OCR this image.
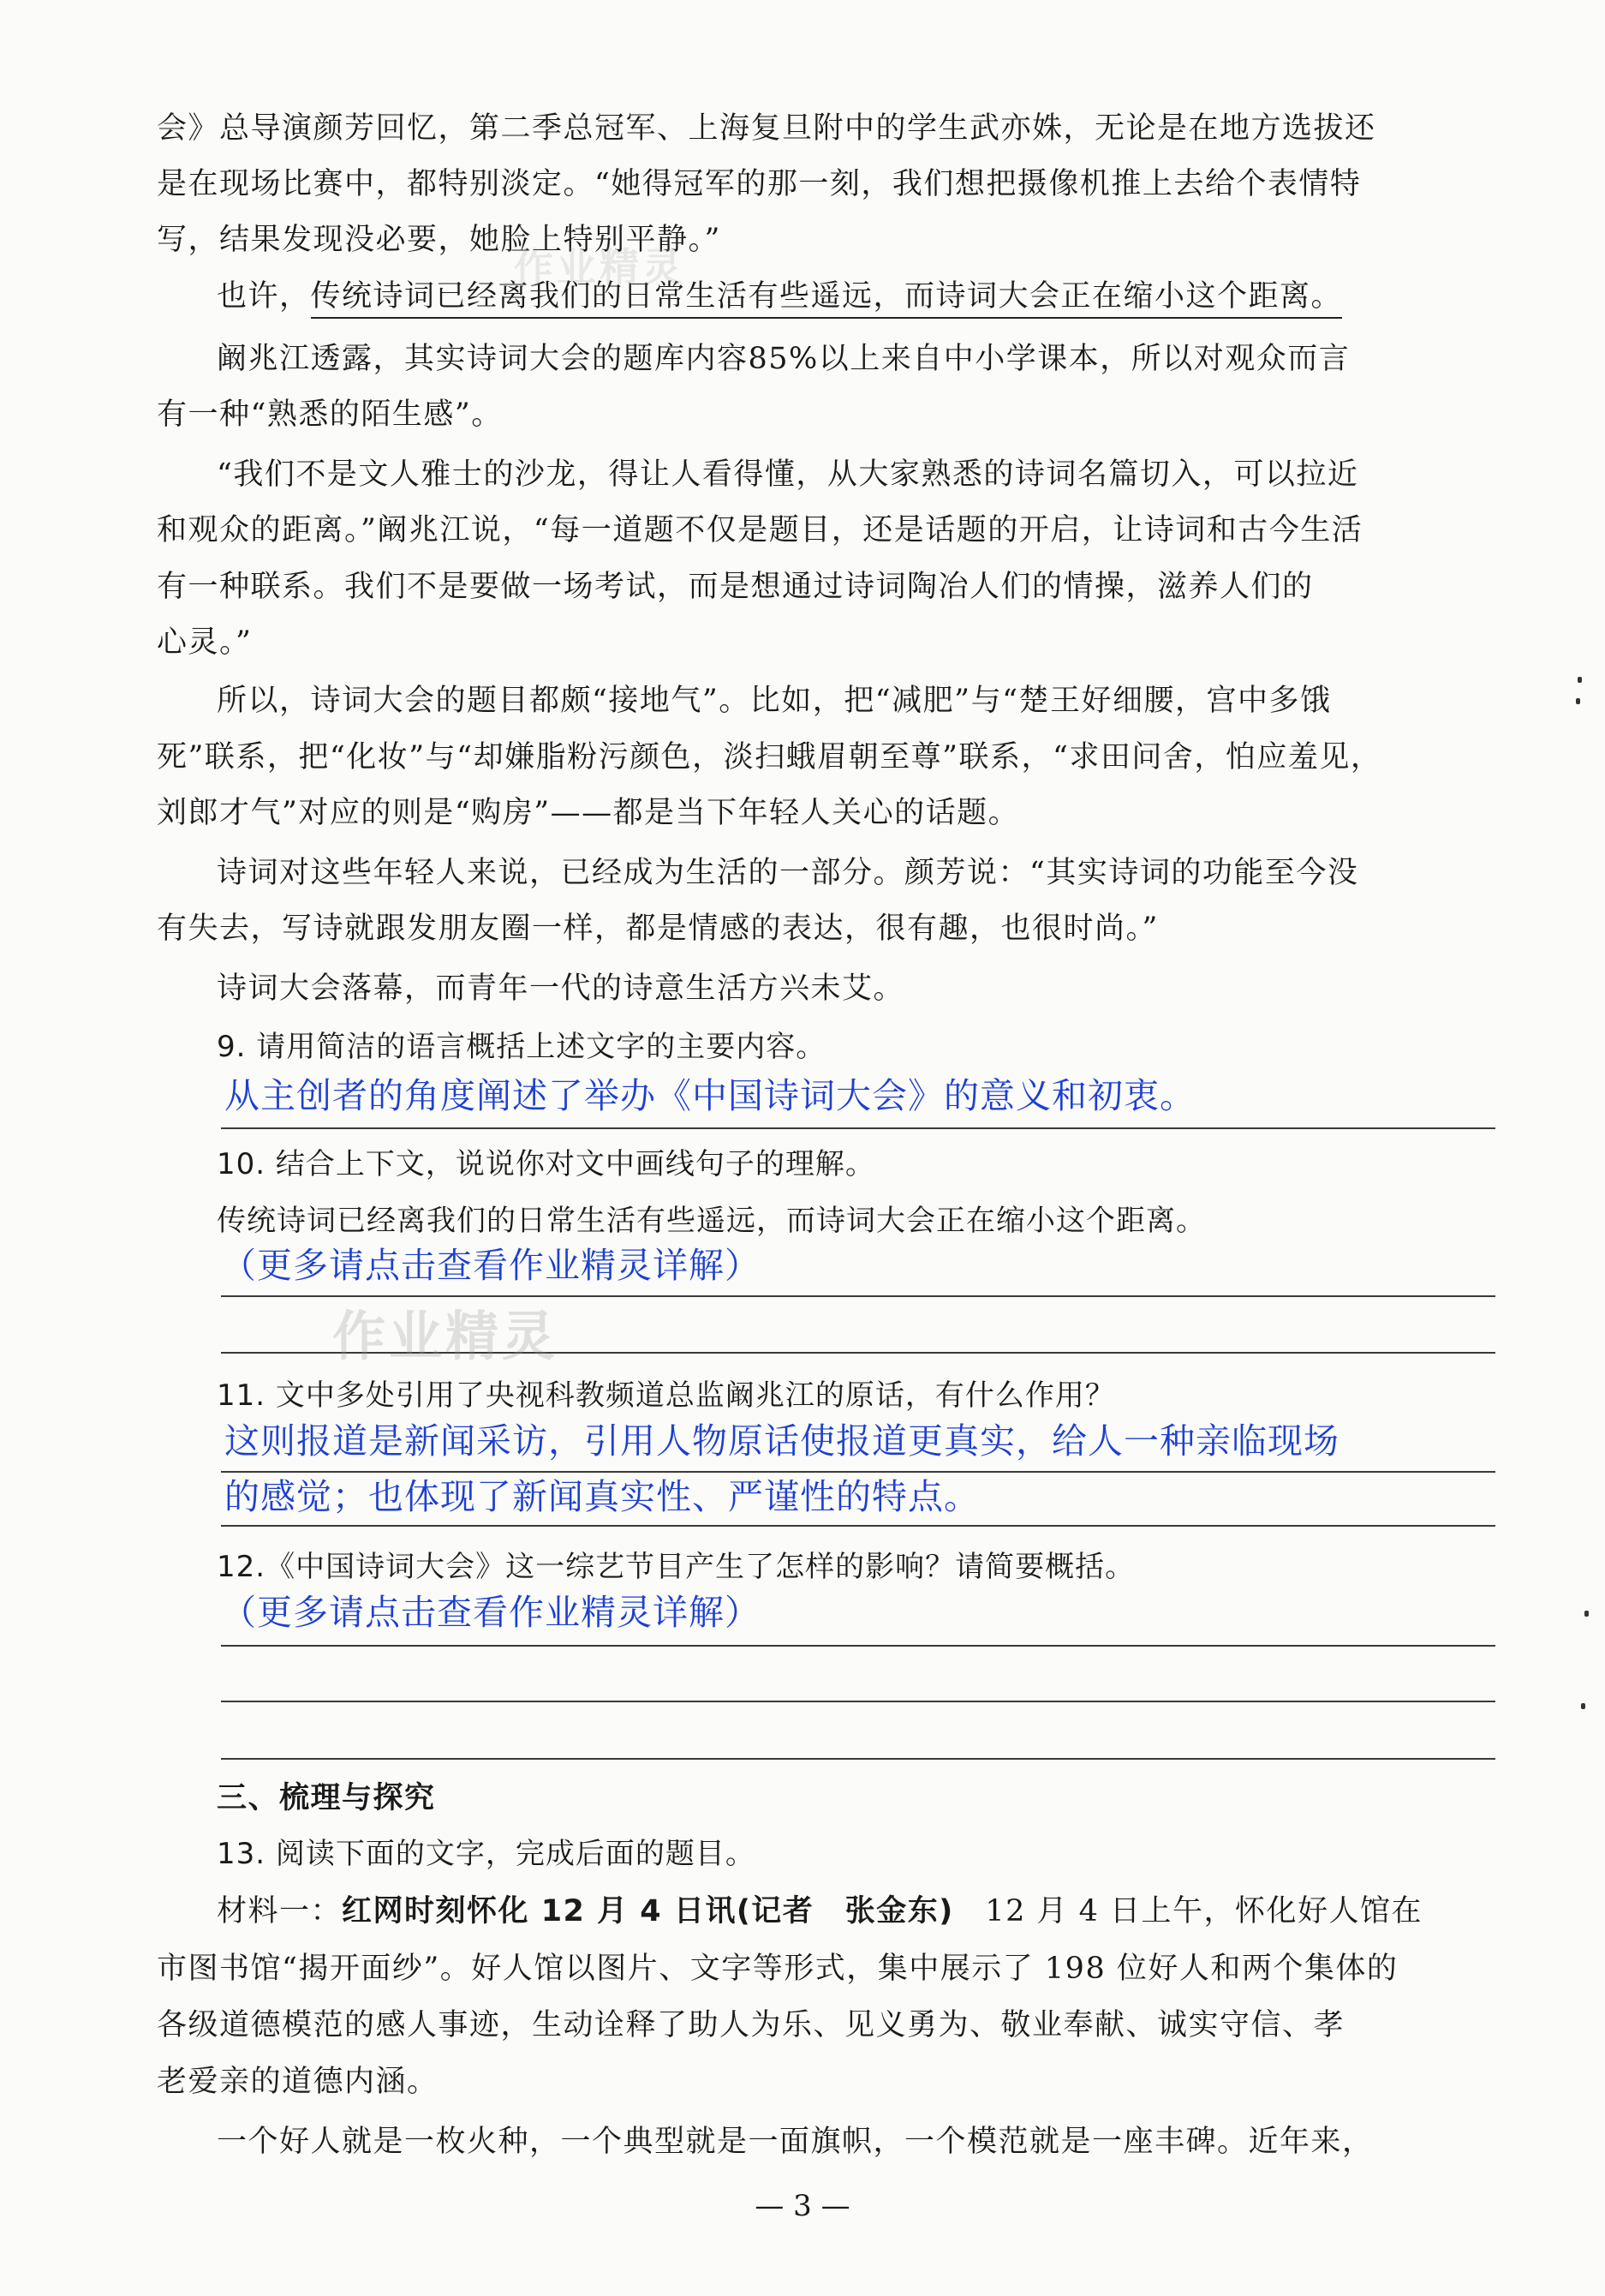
会》总导演颜芳回忆，第二季总冠军、上海复旦附中的学生武亦姝，无论是在地方选拔还
是在现场比赛中，都特别淡定。“她得冠军的那一刻，我们想把摄像机推上去给个表情特
写，结果发现没必要，她脸上特别平静。”
也许，传统诗词已经离我们的日常生活有些遥远，而诗词大会正在缩小这个距离。
阚兆江透露，其实诗词大会的题库内容85%以上来自中小学课本，所以对观众而言
有一种“熟悉的陌生感”。
“我们不是文人雅士的沙龙，得让人看得懂，从大家熟悉的诗词名篇切入，可以拉近
和观众的距离。”阚兆江说，“每一道题不仅是题目，还是话题的开启，让诗词和古今生活
有一种联系。我们不是要做一场考试，而是想通过诗词陶冶人们的情操，滋养人们的
心灵。”
所以，诗词大会的题目都颇“接地气”。比如，把“减肥”与“楚王好细腰，宫中多饿
死”联系，把“化妆”与“却嫌脂粉污颜色，淡扫蛾眉朝至尊”联系，“求田问舍，怕应羞见，
刘郎才气”对应的则是“购房”——都是当下年轻人关心的话题。
诗词对这些年轻人来说，已经成为生活的一部分。颜芳说：“其实诗词的功能至今没
有失去，写诗就跟发朋友圈一样，都是情感的表达，很有趣，也很时尚。”
诗词大会落幕，而青年一代的诗意生活方兴未艾。
9. 请用简洁的语言概括上述文字的主要内容。
从主创者的角度阐述了举办《中国诗词大会》的意义和初衷。
10. 结合上下文，说说你对文中画线句子的理解。
传统诗词已经离我们的日常生活有些遥远，而诗词大会正在缩小这个距离。
（更多请点击查看作业精灵详解）
作业精灵
作业精灵
11. 文中多处引用了央视科教频道总监阚兆江的原话，有什么作用？
这则报道是新闻采访，引用人物原话使报道更真实，给人一种亲临现场
的感觉；也体现了新闻真实性、严谨性的特点。
12.《中国诗词大会》这一综艺节目产生了怎样的影响？请简要概括。
（更多请点击查看作业精灵详解）
三、梳理与探究
13. 阅读下面的文字，完成后面的题目。
材料一：红网时刻怀化 12 月 4 日讯(记者　张金东)　12 月 4 日上午，怀化好人馆在
市图书馆“揭开面纱”。好人馆以图片、文字等形式，集中展示了 198 位好人和两个集体的
各级道德模范的感人事迹，生动诠释了助人为乐、见义勇为、敬业奉献、诚实守信、孝
老爱亲的道德内涵。
一个好人就是一枚火种，一个典型就是一面旗帜，一个模范就是一座丰碑。近年来，
— 3 —
